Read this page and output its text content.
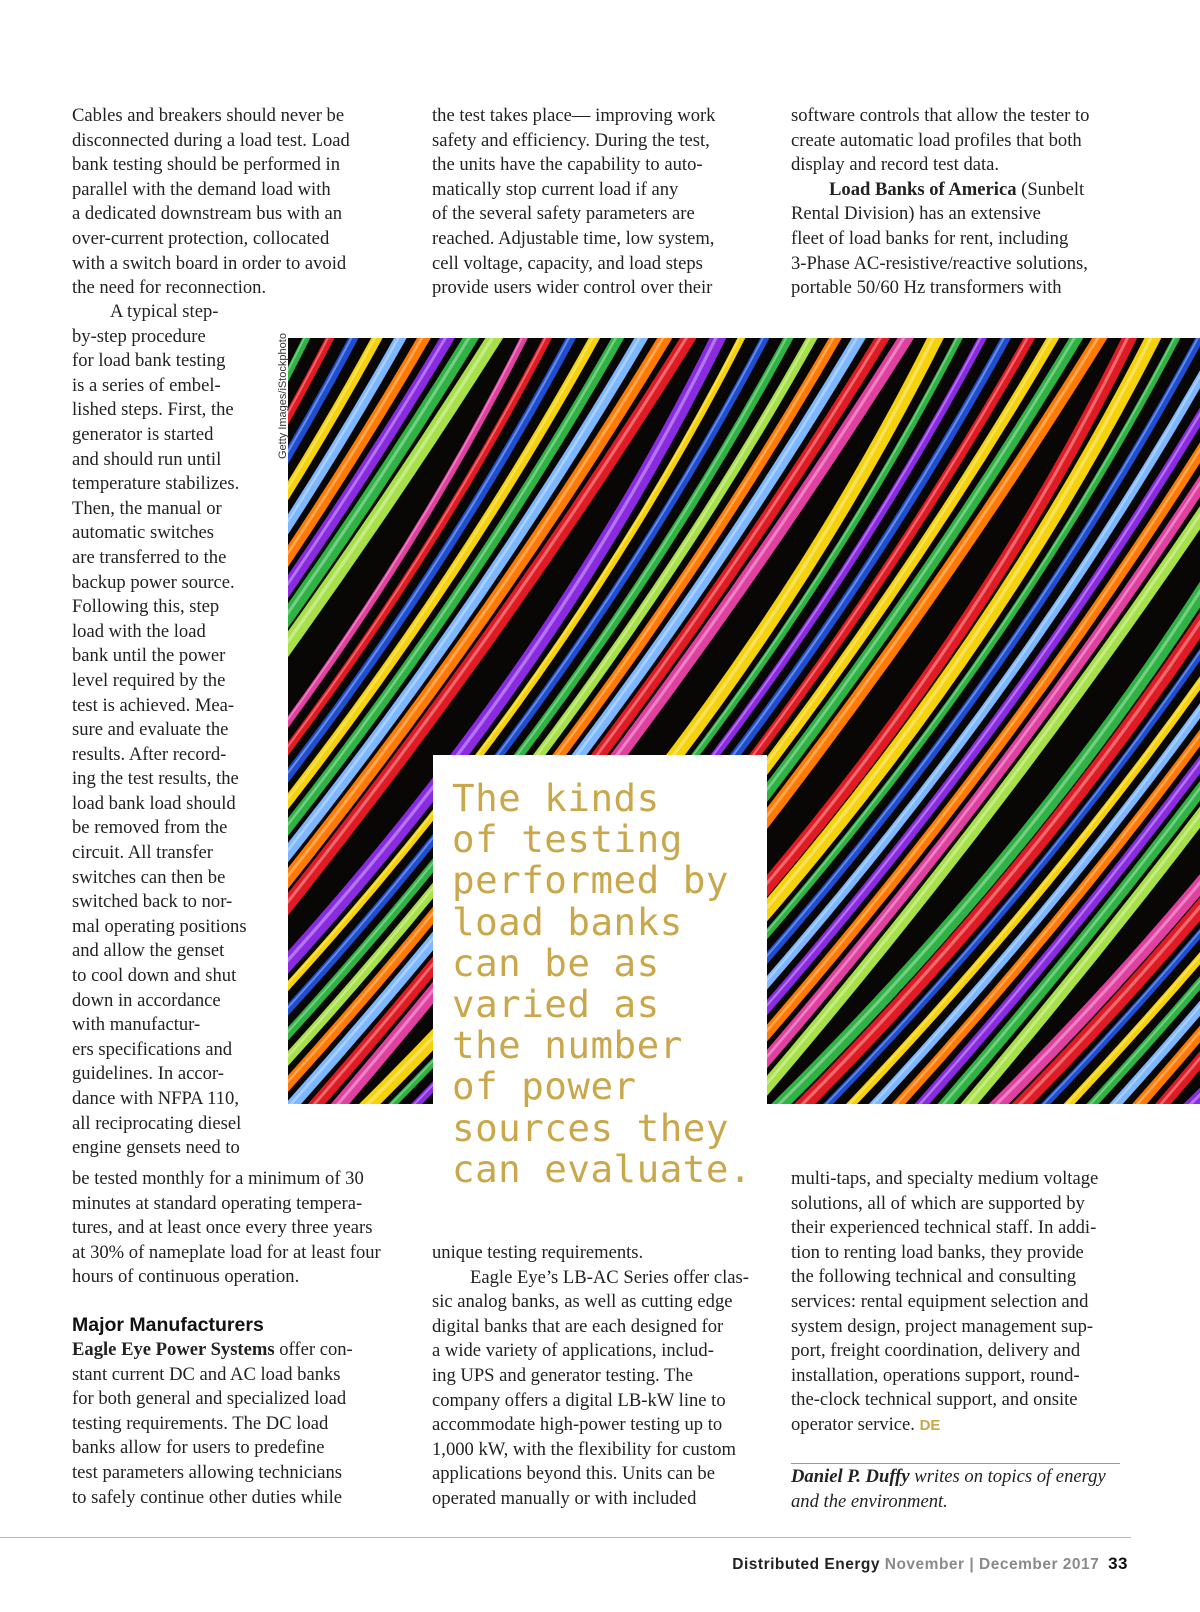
Cables and breakers should never be
disconnected during a load test. Load
bank testing should be performed in
parallel with the demand load with
a dedicated downstream bus with an
over-current protection, collocated
with a switch board in order to avoid
the need for reconnection.
the test takes place— improving work
safety and efficiency. During the test,
the units have the capability to auto-
matically stop current load if any
of the several safety parameters are
reached. Adjustable time, low system,
cell voltage, capacity, and load steps
provide users wider control over their
software controls that allow the tester to
create automatic load profiles that both
display and record test data.
Load Banks of America (Sunbelt
Rental Division) has an extensive
fleet of load banks for rent, including
3-Phase AC-resistive/reactive solutions,
portable 50/60 Hz transformers with
Getty Images/iStockphoto
A typical step-
by-step procedure
for load bank testing
is a series of embel-
lished steps. First, the
generator is started
and should run until
temperature stabilizes.
Then, the manual or
automatic switches
are transferred to the
backup power source.
Following this, step
load with the load
bank until the power
level required by the
test is achieved. Mea-
sure and evaluate the
results. After record-
ing the test results, the
load bank load should
be removed from the
circuit. All transfer
switches can then be
switched back to nor-
mal operating positions
and allow the genset
to cool down and shut
down in accordance
with manufactur-
ers specifications and
guidelines. In accor-
dance with NFPA 110,
all reciprocating diesel
engine gensets need to
The kinds
of testing
performed by
load banks
can be as
varied as
the number
of power
sources they
can evaluate.
be tested monthly for a minimum of 30
minutes at standard operating tempera-
tures, and at least once every three years
at 30% of nameplate load for at least four
hours of continuous operation.
Major Manufacturers
Eagle Eye Power Systems offer con-
stant current DC and AC load banks
for both general and specialized load
testing requirements. The DC load
banks allow for users to predefine
test parameters allowing technicians
to safely continue other duties while
unique testing requirements.
Eagle Eye’s LB-AC Series offer clas-
sic analog banks, as well as cutting edge
digital banks that are each designed for
a wide variety of applications, includ-
ing UPS and generator testing. The
company offers a digital LB-kW line to
accommodate high-power testing up to
1,000 kW, with the flexibility for custom
applications beyond this. Units can be
operated manually or with included
multi-taps, and specialty medium voltage
solutions, all of which are supported by
their experienced technical staff. In addi-
tion to renting load banks, they provide
the following technical and consulting
services: rental equipment selection and
system design, project management sup-
port, freight coordination, delivery and
installation, operations support, round-
the-clock technical support, and onsite
operator service. DE
Daniel P. Duffy writes on topics of energy
and the environment.
Distributed Energy November | December 2017 33
